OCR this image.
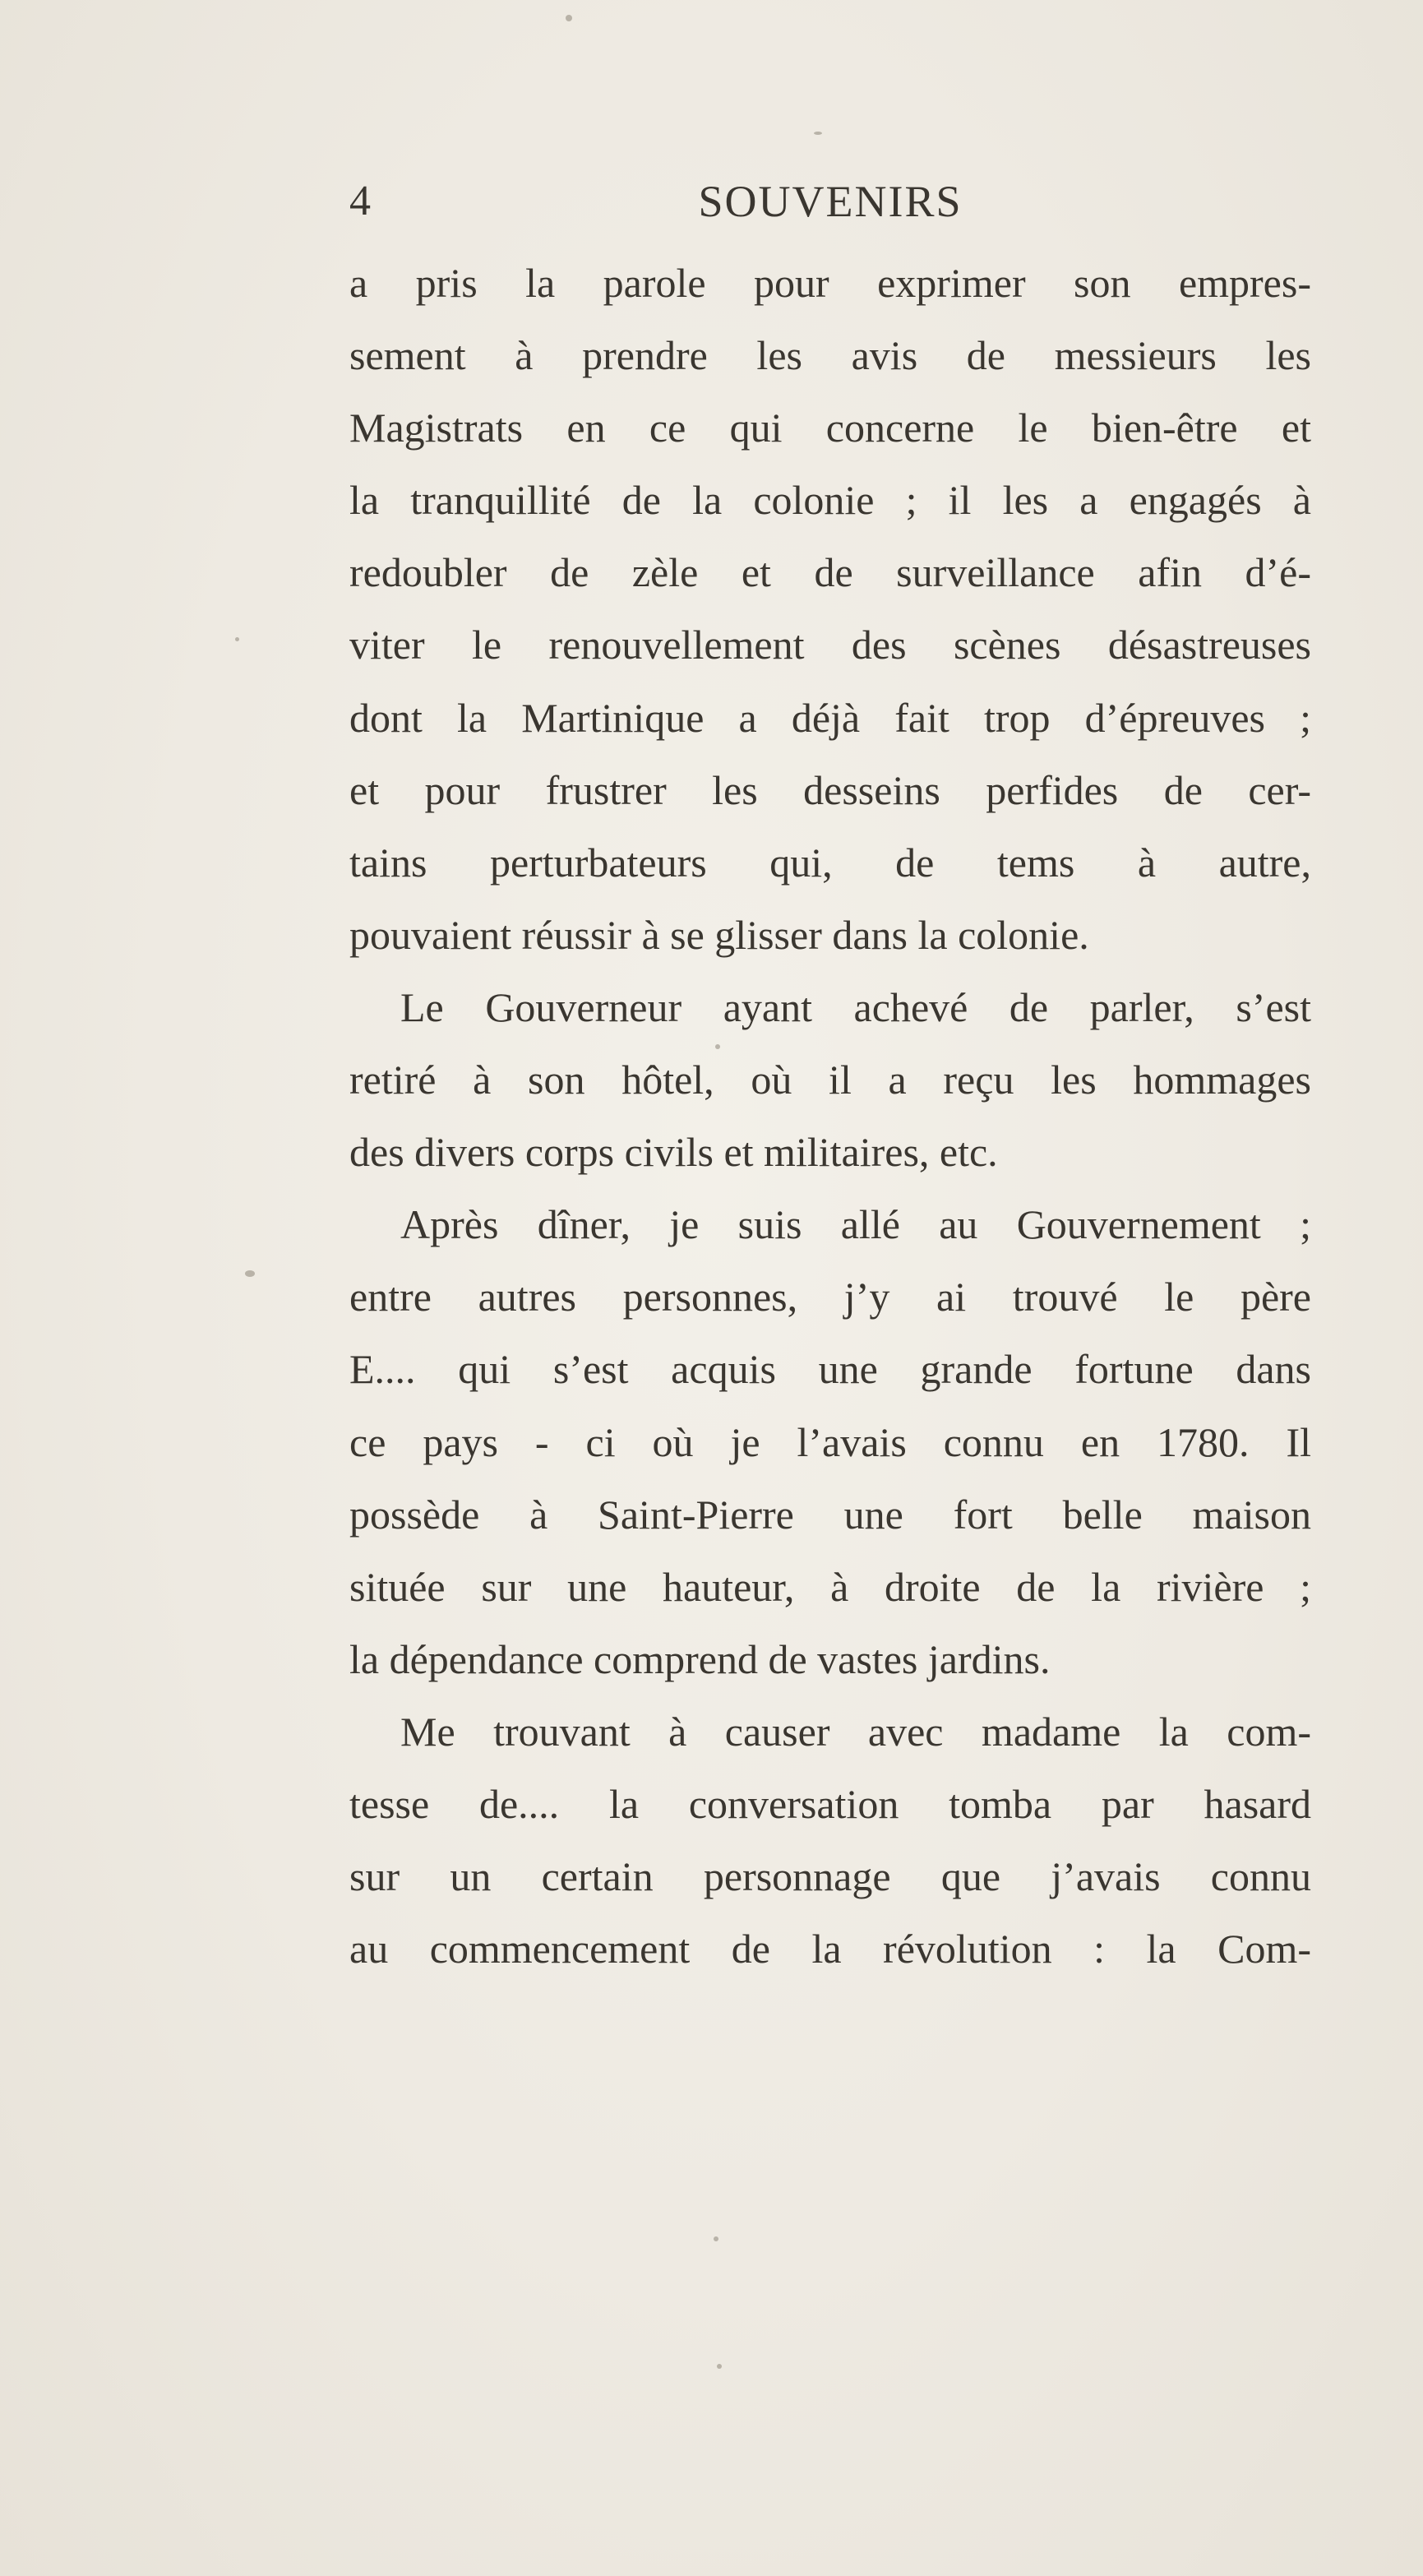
4	SOUVENIRS
a pris la parole pour exprimer son empres-
sement à prendre les avis de messieurs les
Magistrats en ce qui concerne le bien-être et
la tranquillité de la colonie ; il les a engagés à
redoubler de zèle et de surveillance afin d’é-
viter le renouvellement des scènes désastreuses
dont la Martinique a déjà fait trop d’épreuves ;
et pour frustrer les desseins perfides de cer-
tains perturbateurs qui, de tems à autre,
pouvaient réussir à se glisser dans la colonie.
Le Gouverneur ayant achevé de parler, s’est
retiré à son hôtel, où il a reçu les hommages
des divers corps civils et militaires, etc.
Après dîner, je suis allé au Gouvernement ;
entre autres personnes, j’y ai trouvé le père
E.... qui s’est acquis une grande fortune dans
ce pays - ci où je l’avais connu en 1780. Il
possède à Saint-Pierre une fort belle maison
située sur une hauteur, à droite de la rivière ;
la dépendance comprend de vastes jardins.
Me trouvant à causer avec madame la com-
tesse de.... la conversation tomba par hasard
sur un certain personnage que j’avais connu
au commencement de la révolution : la Com-
